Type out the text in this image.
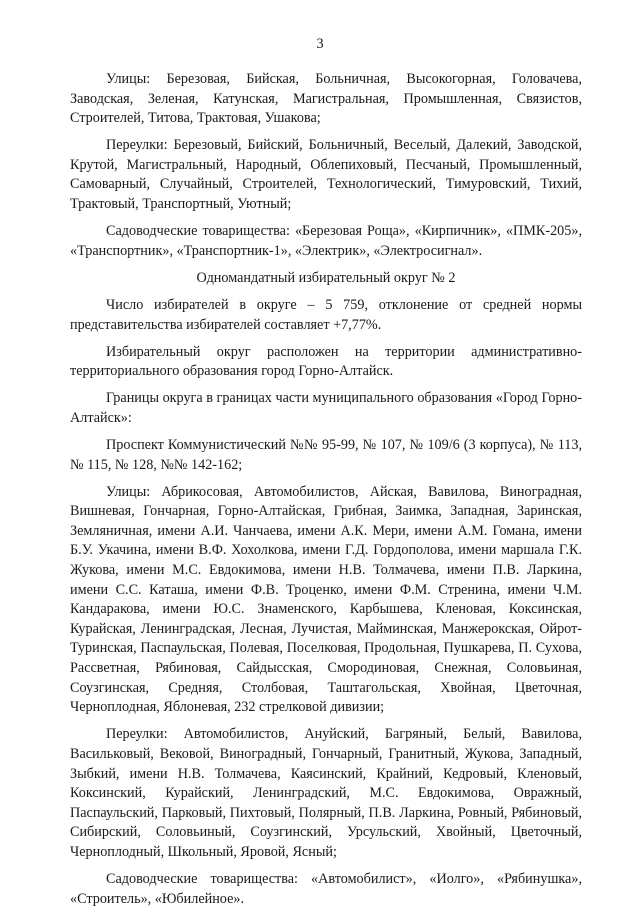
3

Улицы: Березовая, Бийская, Больничная, Высокогорная, Головачева, Заводская, Зеленая, Катунская, Магистральная, Промышленная, Связистов, Строителей, Титова, Трактовая, Ушакова;

Переулки: Березовый, Бийский, Больничный, Веселый, Далекий, Заводской, Крутой, Магистральный, Народный, Облепиховый, Песчаный, Промышленный, Самоварный, Случайный, Строителей, Технологический, Тимуровский, Тихий, Трактовый, Транспортный, Уютный;

Садоводческие товарищества: «Березовая Роща», «Кирпичник», «ПМК-205», «Транспортник», «Транспортник-1», «Электрик», «Электросигнал».

Одномандатный избирательный округ № 2

Число избирателей в округе – 5 759, отклонение от средней нормы представительства избирателей составляет +7,77%.

Избирательный округ расположен на территории административно-территориального образования город Горно-Алтайск.

Границы округа в границах части муниципального образования «Город Горно-Алтайск»:

Проспект Коммунистический №№ 95-99, № 107, № 109/6 (3 корпуса), № 113, № 115, № 128, №№ 142-162;

Улицы: Абрикосовая, Автомобилистов, Айская, Вавилова, Виноградная, Вишневая, Гончарная, Горно-Алтайская, Грибная, Заимка, Западная, Заринская, Земляничная, имени А.И. Чанчаева, имени А.К. Мери, имени А.М. Гомана, имени Б.У. Укачина, имени В.Ф. Хохолкова, имени Г.Д. Гордополова, имени маршала Г.К. Жукова, имени М.С. Евдокимова, имени Н.В. Толмачева, имени П.В. Ларкина, имени С.С. Каташа, имени Ф.В. Троценко, имени Ф.М. Стренина, имени Ч.М. Кандаракова, имени Ю.С. Знаменского, Карбышева, Кленовая, Коксинская, Курайская, Ленинградская, Лесная, Лучистая, Майминская, Манжерокская, Ойрот-Туринская, Паспаульская, Полевая, Поселковая, Продольная, Пушкарева, П. Сухова, Рассветная, Рябиновая, Сайдысская, Смородиновая, Снежная, Соловьиная, Соузгинская, Средняя, Столбовая, Таштагольская, Хвойная, Цветочная, Черноплодная, Яблоневая, 232 стрелковой дивизии;

Переулки: Автомобилистов, Ануйский, Багряный, Белый, Вавилова, Васильковый, Вековой, Виноградный, Гончарный, Гранитный, Жукова, Западный, Зыбкий, имени Н.В. Толмачева, Каясинский, Крайний, Кедровый, Кленовый, Коксинский, Курайский, Ленинградский, М.С. Евдокимова, Овражный, Паспаульский, Парковый, Пихтовый, Полярный, П.В. Ларкина, Ровный, Рябиновый, Сибирский, Соловьиный, Соузгинский, Урсульский, Хвойный, Цветочный, Черноплодный, Школьный, Яровой, Ясный;

Садоводческие товарищества: «Автомобилист», «Иолго», «Рябинушка», «Строитель», «Юбилейное».
